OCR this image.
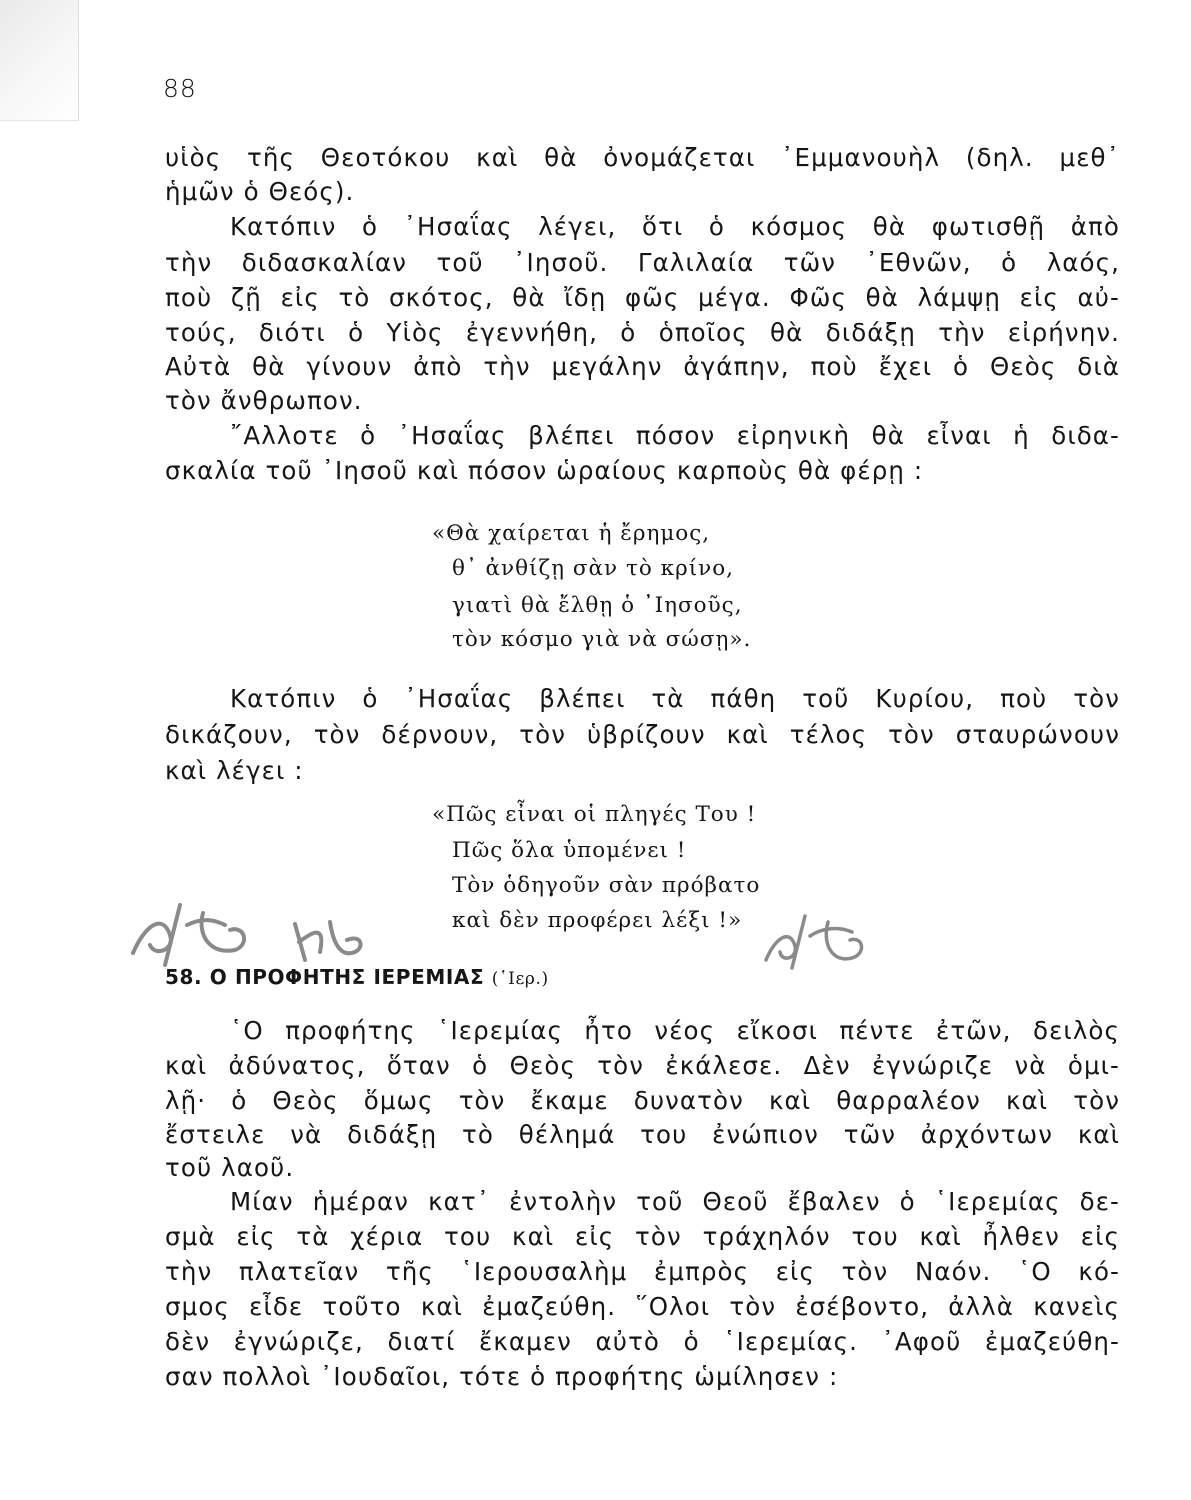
88
υἱὸς τῆς Θεοτόκου καὶ θὰ ὀνομάζεται ᾿Εμμανουὴλ (δηλ. μεθ᾿
ἡμῶν ὁ Θεός).
Κατόπιν ὁ ᾿Ησαΐας λέγει, ὅτι ὁ κόσμος θὰ φωτισθῇ ἀπὸ
τὴν διδασκαλίαν τοῦ ᾿Ιησοῦ. Γαλιλαία τῶν ᾿Εθνῶν, ὁ λαός,
ποὺ ζῇ εἰς τὸ σκότος, θὰ ἴδῃ φῶς μέγα. Φῶς θὰ λάμψῃ εἰς αὐ-
τούς, διότι ὁ Υἱὸς ἐγεννήθη, ὁ ὁποῖος θὰ διδάξῃ τὴν εἰρήνην.
Αὐτὰ θὰ γίνουν ἀπὸ τὴν μεγάλην ἀγάπην, ποὺ ἔχει ὁ Θεὸς διὰ
τὸν ἄνθρωπον.
῎Αλλοτε ὁ ᾿Ησαΐας βλέπει πόσον εἰρηνικὴ θὰ εἶναι ἡ διδα-
σκαλία τοῦ ᾿Ιησοῦ καὶ πόσον ὡραίους καρποὺς θὰ φέρῃ :
«Θὰ χαίρεται ἡ ἔρημος,
θ᾿ ἀνθίζῃ σὰν τὸ κρίνο,
γιατὶ θὰ ἔλθῃ ὁ ᾿Ιησοῦς,
τὸν κόσμο γιὰ νὰ σώσῃ».
Κατόπιν ὁ ᾿Ησαΐας βλέπει τὰ πάθη τοῦ Κυρίου, ποὺ τὸν
δικάζουν, τὸν δέρνουν, τὸν ὑβρίζουν καὶ τέλος τὸν σταυρώνουν
καὶ λέγει :
«Πῶς εἶναι οἱ πληγές Του !
Πῶς ὅλα ὑπομένει !
Τὸν ὁδηγοῦν σὰν πρόβατο
καὶ δὲν προφέρει λέξι !»
58. Ο ΠΡΟΦΗΤΗΣ ΙΕΡΕΜΙΑΣ (῾Ιερ.)
῾Ο προφήτης ῾Ιερεμίας ἦτο νέος εἴκοσι πέντε ἐτῶν, δειλὸς
καὶ ἀδύνατος, ὅταν ὁ Θεὸς τὸν ἐκάλεσε. Δὲν ἐγνώριζε νὰ ὁμι-
λῇ· ὁ Θεὸς ὅμως τὸν ἔκαμε δυνατὸν καὶ θαρραλέον καὶ τὸν
ἔστειλε νὰ διδάξῃ τὸ θέλημά του ἐνώπιον τῶν ἀρχόντων καὶ
τοῦ λαοῦ.
Μίαν ἡμέραν κατ᾿ ἐντολὴν τοῦ Θεοῦ ἔβαλεν ὁ ῾Ιερεμίας δε-
σμὰ εἰς τὰ χέρια του καὶ εἰς τὸν τράχηλόν του καὶ ἦλθεν εἰς
τὴν πλατεῖαν τῆς ῾Ιερουσαλὴμ ἐμπρὸς εἰς τὸν Ναόν. ῾Ο κό-
σμος εἶδε τοῦτο καὶ ἐμαζεύθη. ῞Ολοι τὸν ἐσέβοντο, ἀλλὰ κανεὶς
δὲν ἐγνώριζε, διατί ἔκαμεν αὐτὸ ὁ ῾Ιερεμίας. ᾿Αφοῦ ἐμαζεύθη-
σαν πολλοὶ ᾿Ιουδαῖοι, τότε ὁ προφήτης ὡμίλησεν :
